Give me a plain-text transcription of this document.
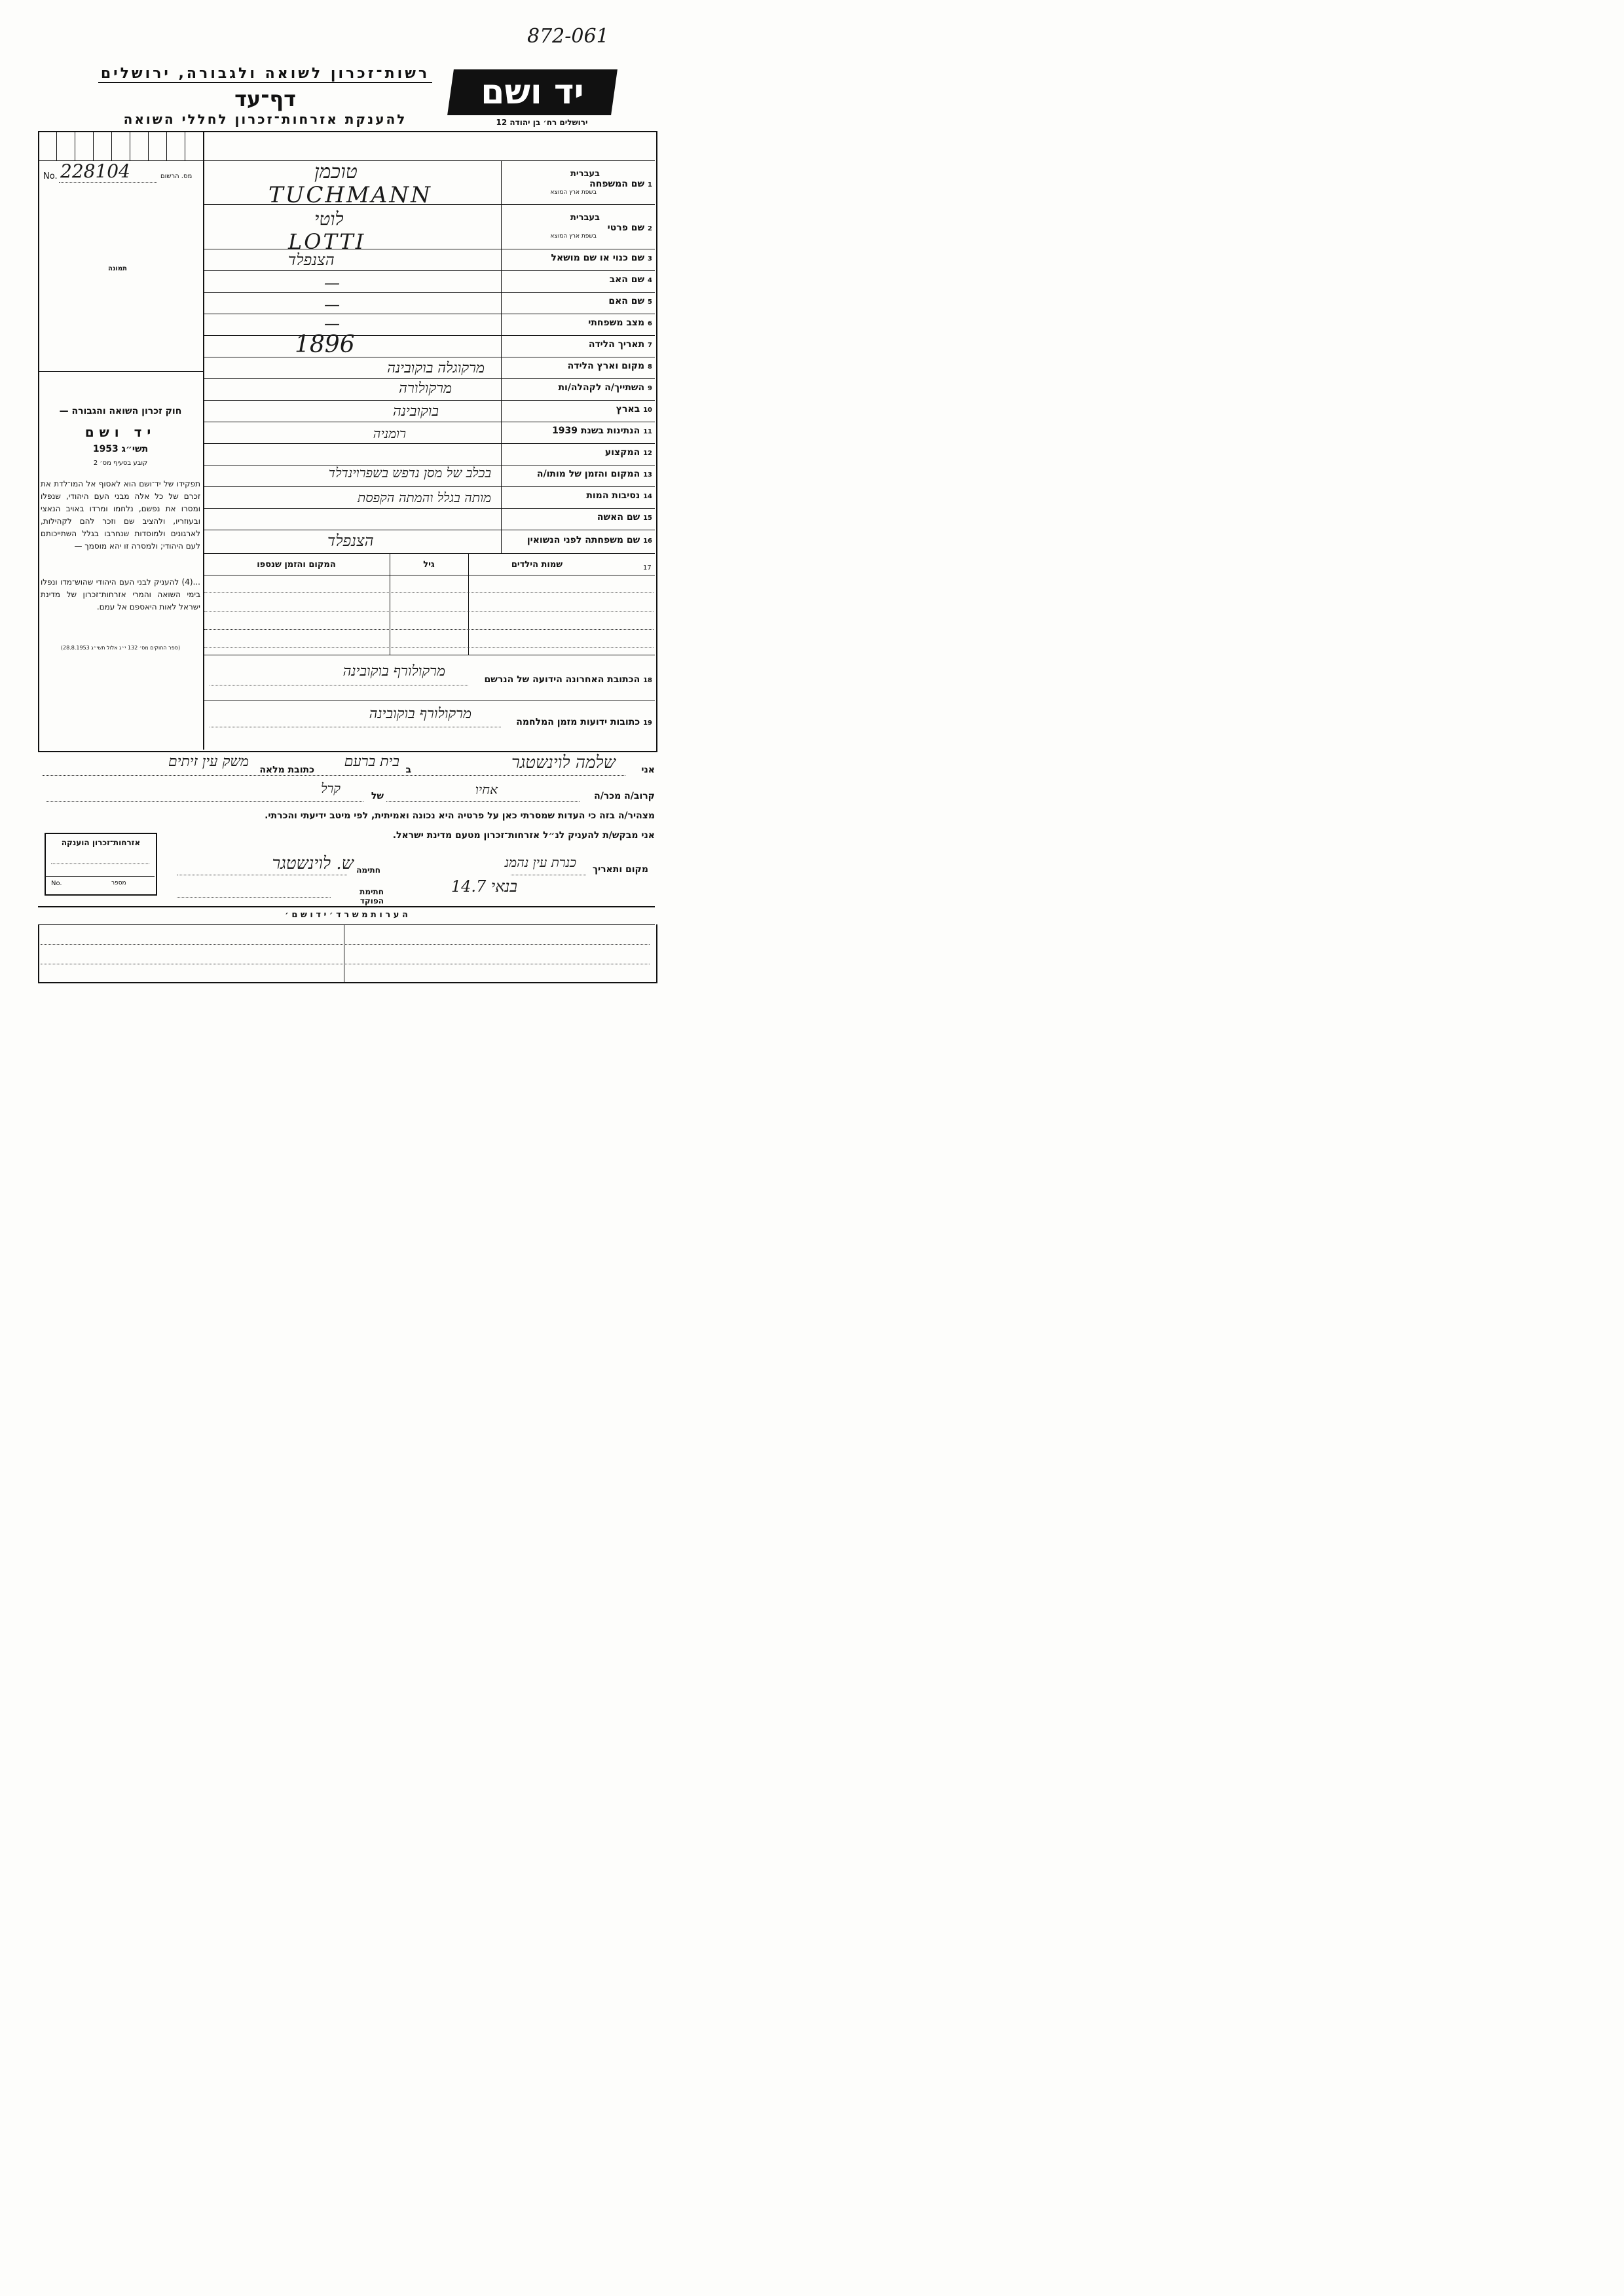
872-061
רשות־זכרון לשואה ולגבורה, ירושלים
דף־עד
להענקת אזרחות־זכרון לחללי השואה
יד ושם
ירושלים רח׳ בן יהודה 12
No. 228104	מס. הרשום
תמונה
חוק זכרון השואה והגבורה —
יד ושם
תשי״ג 1953
קובע בסעיף מס׳ 2
תפקידו של יד־ושם הוא לאסוף אל המו־לדת את זכרם של כל אלה מבני העם היהודי, שנפלו ומסרו את נפשם, נלחמו ומרדו באויב הנאצי ובעוזריו, ולהציב שם וזכר להם לקהילות, לארגונים ולמוסדות שנחרבו בגלל השתייכותם לעם היהודי; ולמסרה זו יהא מוסמך —
...(4) להעניק לבני העם היהודי שהוש־מדו ונפלו בימי השואה והמרי אזרחות־זכרון של מדינת ישראל לאות היאספם אל עמם.
(ספר החוקים מס׳ 132 י״ג אלול תשי״ג 28.8.1953)
בעברית
1 שם המשפחה
בשפת ארץ המוצא
טוכמן
TUCHMANN
בעברית
2 שם פרטי
בשפת ארץ המוצא
לוטי
LOTTI
3 שם כנוי או שם מושאל
הצנפלד
4 שם האב
—
5 שם האם
—
6 מצב משפחתי
—
7 תאריך הלידה
1896
8 מקום וארץ הלידה
מרקוגלה בוקובינה
9 השתייך/ה לקהלה/ות
מרקולורה
10 בארץ
בוקובינה
11 הנתינות בשנת 1939
רומניה
12 המקצוע
13 המקום והזמן של מותו/ה
בכלב של מסן נדפש בשפרוינדלד
14 נסיבות המות
מותה בגלל והמתה הקפסת
15 שם האשה
16 שם משפחתה לפני הנשואין
הצנפלד
שמות הילדים	17
גיל
המקום והזמן שנספו
18 הכתובת האחרונה הידועה של הנרשם
מרקולורף בוקובינה
19 כתובות ידועות מזמן המלחמה
מרקולורף בוקובינה
אני
שלמה לוינשטגר
ב
בית ברעם
כתובת מלאה
משק עין זיתים
קרוב/ה מכר/ה
אחיו
של
קרל
מצהיר/ה בזה כי העדות שמסרתי כאן על פרטיה היא נכונה ואמיתית, לפי מיטב ידיעתי והכרתי.
אני מבקש/ת להעניק לנ״ל אזרחות־זכרון מטעם מדינת ישראל.
אזרחות־זכרון הוענקה
No.	מספר
מקום ותאריך
כנרת עין נהמנ
בנאי 14.7
חתימה
ש. לוינשטגר
חתימת הפוקד
ה ע ר ו ת מ ש ר ד ׳ י ד ו ש ם ׳
